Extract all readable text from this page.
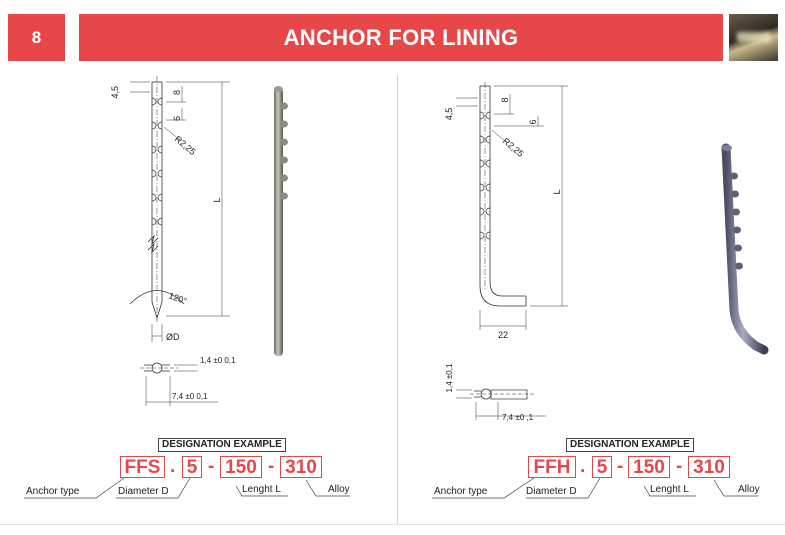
8	ANCHOR FOR LINING
4,5	8
6
R2,25
L
120°
ØD
1,4 ±0 0,1
7,4 ±0 0,1
4,5
8
6
R2,25
L
22
1,4 ±0,1
7,4 ±0 ,1
DESIGNATION EXAMPLE
FFS . 5 - 150 - 310
Anchor type	Diameter D	Lenght L	Alloy
DESIGNATION EXAMPLE
FFH . 5 - 150 - 310
Anchor type	Diameter D	Lenght L	Alloy
